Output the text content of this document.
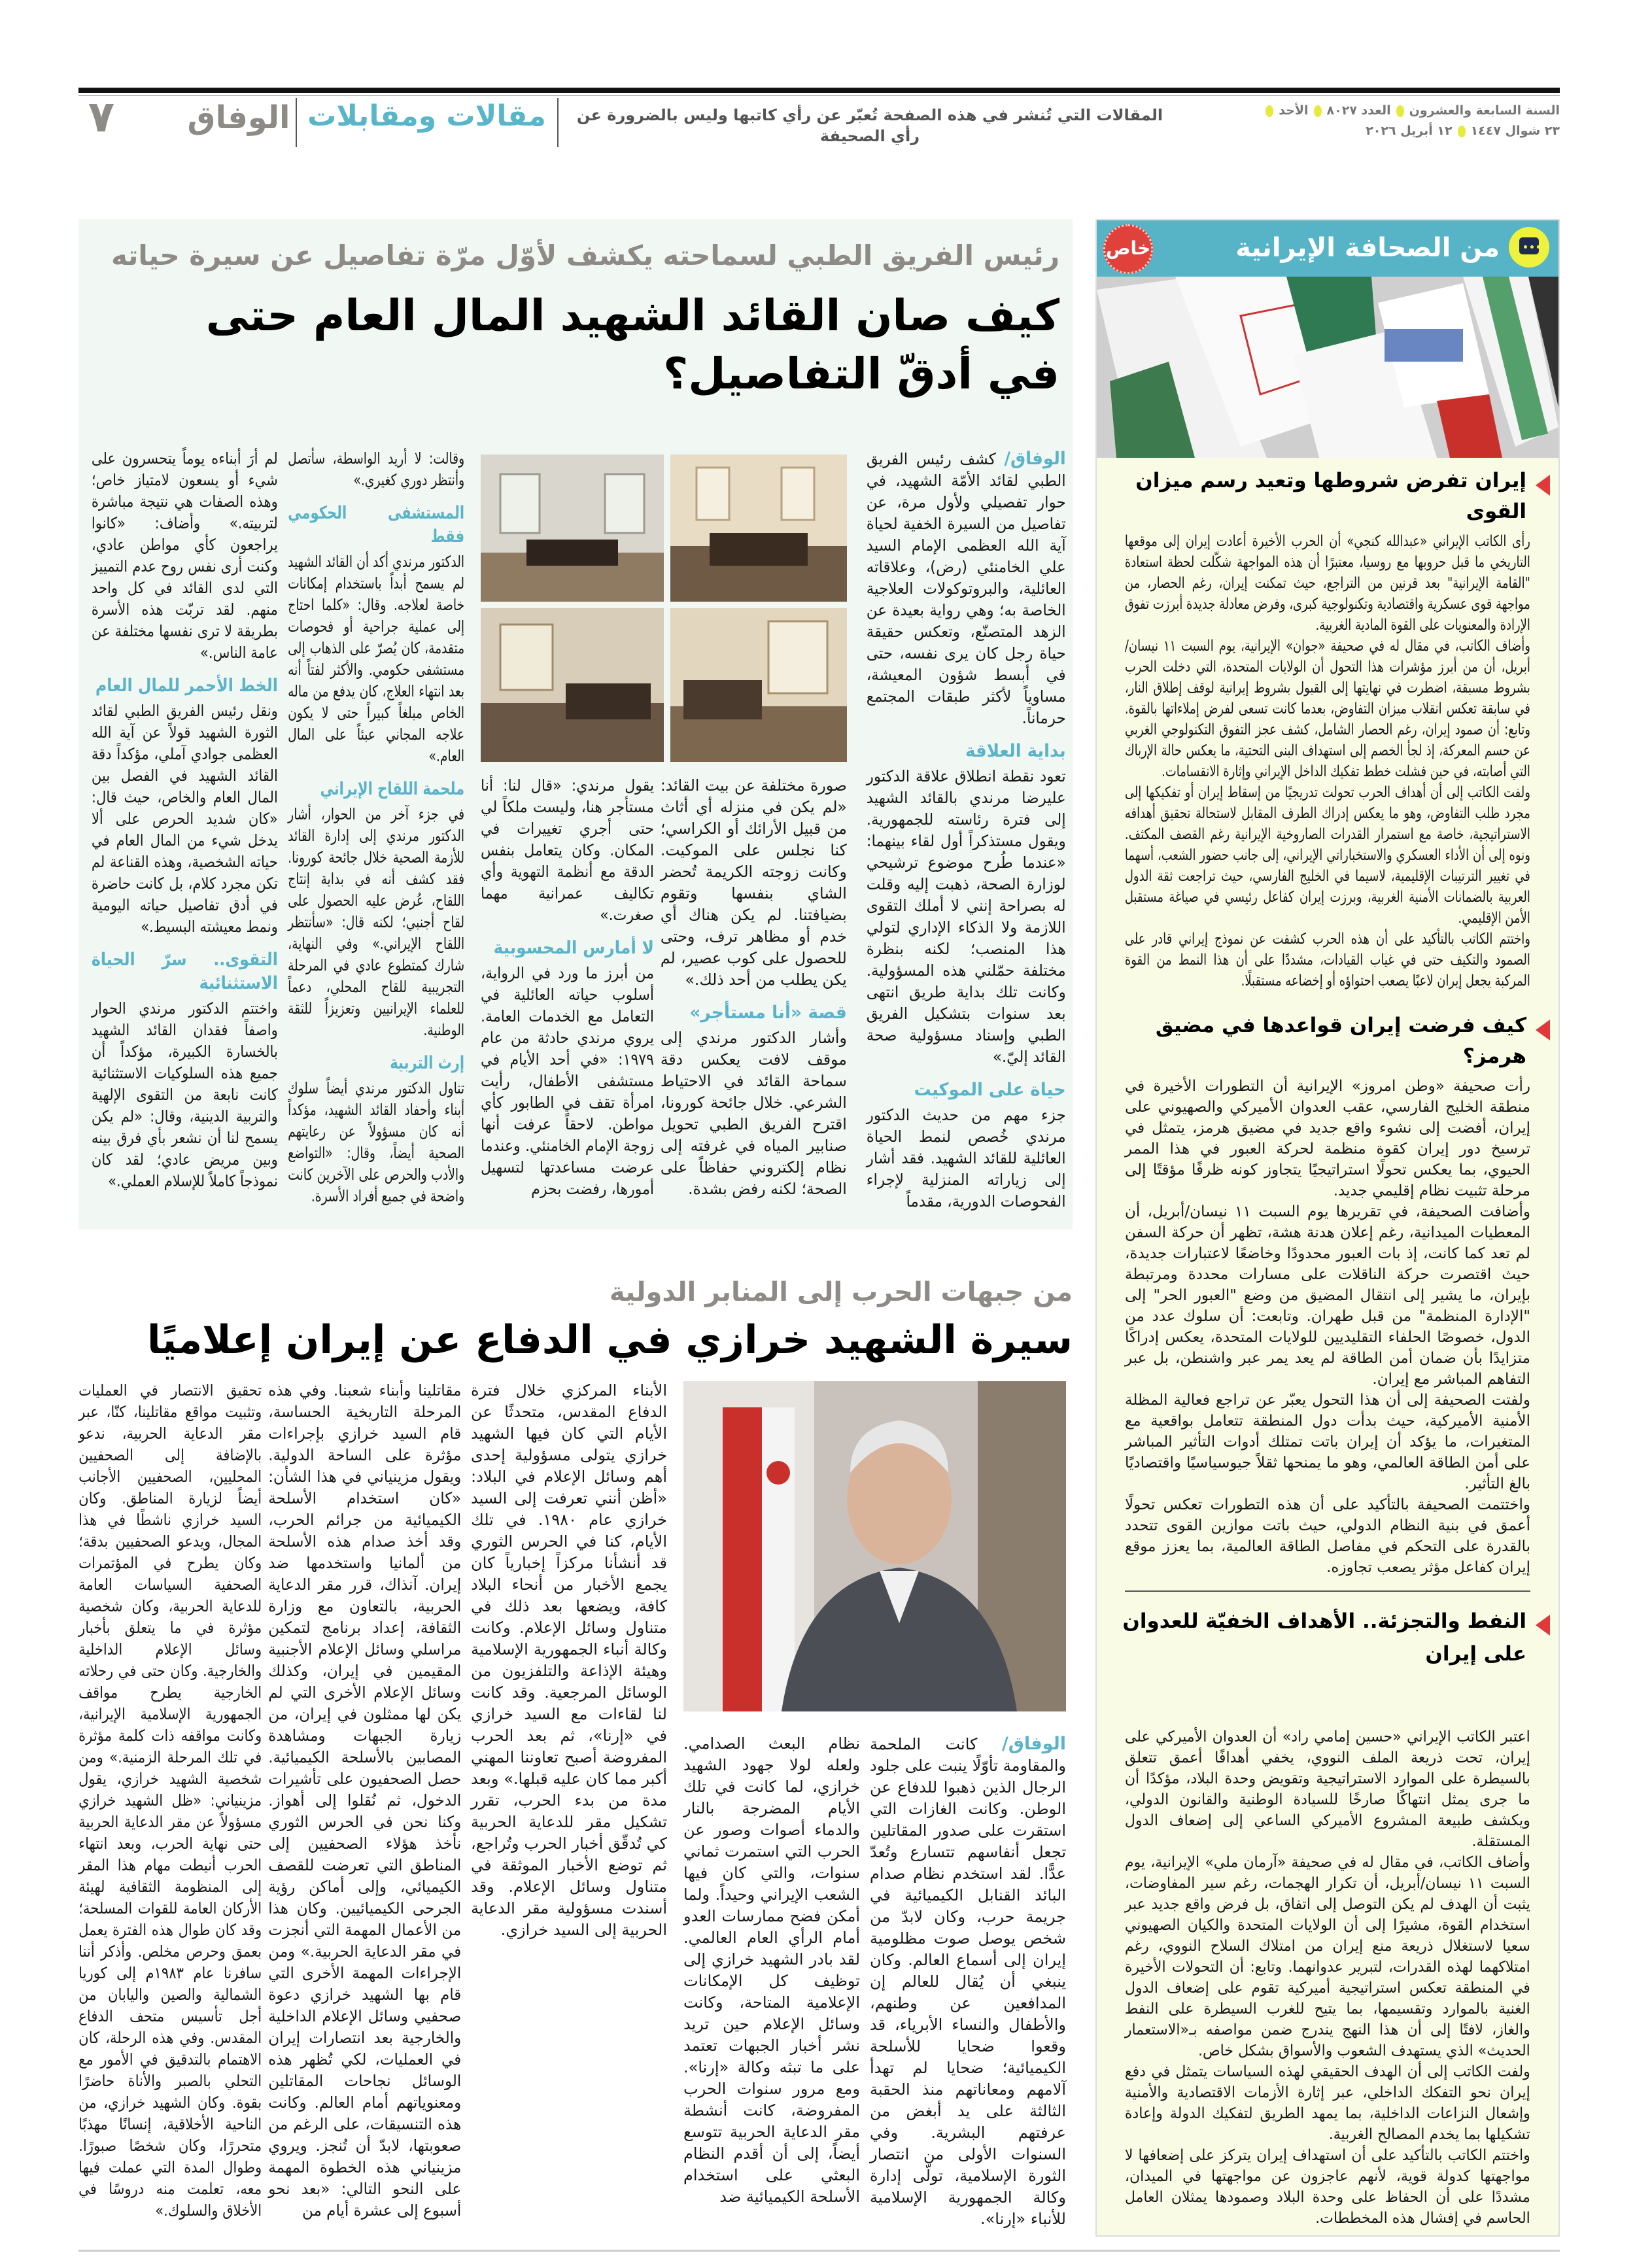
السنة السابعة والعشرون
العدد ٨٠٢٧
الأحد
٢٣ شوال ١٤٤٧
١٢ أبريل ٢٠٢٦
المقالات التي تُنشر في هذه الصفحة تُعبّر عن رأي كاتبها وليس بالضرورة عن رأي الصحيفة
مقالات ومقابلات
الوفاق
٧
رئيس الفريق الطبي لسماحته يكشف لأوّل مرّة تفاصيل عن سيرة حياته
كيف صان القائد الشهيد المال العام حتى
في أدقّ التفاصيل؟

الوفاق/ كشف رئيس الفريق الطبي لقائد الأمّة الشهيد، في حوار تفصيلي ولأول مرة، عن تفاصيل من السيرة الخفية لحياة آية الله العظمى الإمام السيد علي الخامنئي (رض)، وعلاقاته العائلية، والبروتوكولات العلاجية الخاصة به؛ وهي رواية بعيدة عن الزهد المتصنّع، وتعكس حقيقة حياة رجل كان يرى نفسه، حتى في أبسط شؤون المعيشة، مساوياً لأكثر طبقات المجتمع حرماناً.

بداية العلاقة

تعود نقطة انطلاق علاقة الدكتور عليرضا مرندي بالقائد الشهيد إلى فترة رئاسته للجمهورية. ويقول مستذكراً أول لقاء بينهما: «عندما طُرح موضوع ترشيحي لوزارة الصحة، ذهبت إليه وقلت له بصراحة إنني لا أملك التقوى اللازمة ولا الذكاء الإداري لتولي هذا المنصب؛ لكنه بنظرة مختلفة حمّلني هذه المسؤولية. وكانت تلك بداية طريق انتهى بعد سنوات بتشكيل الفريق الطبي وإسناد مسؤولية صحة القائد إليّ.»

حياة على الموكيت

جزء مهم من حديث الدكتور مرندي خُصص لنمط الحياة العائلية للقائد الشهيد. فقد أشار إلى زياراته المنزلية لإجراء الفحوصات الدورية، مقدماً

صورة مختلفة عن بيت القائد: «لم يكن في منزله أي أثاث من قبيل الأرائك أو الكراسي؛ كنا نجلس على الموكيت. وكانت زوجته الكريمة تُحضر الشاي بنفسها وتقوم بضيافتنا. لم يكن هناك أي خدم أو مظاهر ترف، وحتى للحصول على كوب عصير، لم يكن يطلب من أحد ذلك.»

قصة «أنا مستأجر»

وأشار الدكتور مرندي إلى موقف لافت يعكس دقة سماحة القائد في الاحتياط الشرعي. خلال جائحة كورونا، اقترح الفريق الطبي تحويل صنابير المياه في غرفته إلى نظام إلكتروني حفاظاً على الصحة؛ لكنه رفض بشدة.

يقول مرندي: «قال لنا: أنا مستأجر هنا، وليست ملكاً لي حتى أجري تغييرات في المكان. وكان يتعامل بنفس الدقة مع أنظمة التهوية وأي تكاليف عمرانية مهما صغرت.»

لا أمارس المحسوبية

من أبرز ما ورد في الرواية، أسلوب حياته العائلية في التعامل مع الخدمات العامة. يروي مرندي حادثة من عام ١٩٧٩: «في أحد الأيام في مستشفى الأطفال، رأيت امرأة تقف في الطابور كأي مواطن. لاحقاً عرفت أنها زوجة الإمام الخامنئي. وعندما عرضت مساعدتها لتسهيل أمورها، رفضت بحزم

وقالت: لا أريد الواسطة، سأتصل وأنتظر دوري كغيري.»

المستشفى الحكومي فقط

الدكتور مرندي أكد أن القائد الشهيد لم يسمح أبداً باستخدام إمكانات خاصة لعلاجه. وقال: «كلما احتاج إلى عملية جراحية أو فحوصات متقدمة، كان يُصرّ على الذهاب إلى مستشفى حكومي. والأكثر لفتاً أنه بعد انتهاء العلاج، كان يدفع من ماله الخاص مبلغاً كبيراً حتى لا يكون علاجه المجاني عبئاً على المال العام.»

ملحمة اللقاح الإيراني

في جزء آخر من الحوار، أشار الدكتور مرندي إلى إدارة القائد للأزمة الصحية خلال جائحة كورونا. فقد كشف أنه في بداية إنتاج اللقاح، عُرض عليه الحصول على لقاح أجنبي؛ لكنه قال: «سأنتظر اللقاح الإيراني.» وفي النهاية، شارك كمتطوع عادي في المرحلة التجريبية للقاح المحلي، دعماً للعلماء الإيرانيين وتعزيزاً للثقة الوطنية.

إرث التربية

تناول الدكتور مرندي أيضاً سلوك أبناء وأحفاد القائد الشهيد، مؤكداً أنه كان مسؤولاً عن رعايتهم الصحية أيضاً، وقال: «التواضع والأدب والحرص على الآخرين كانت واضحة في جميع أفراد الأسرة.

لم أرَ أبناءه يوماً يتحسرون على شيء أو يسعون لامتياز خاص؛ وهذه الصفات هي نتيجة مباشرة لتربيته.» وأضاف: «كانوا يراجعون كأي مواطن عادي، وكنت أرى نفس روح عدم التمييز التي لدى القائد في كل واحد منهم. لقد تربّت هذه الأسرة بطريقة لا ترى نفسها مختلفة عن عامة الناس.»

الخط الأحمر للمال العام

ونقل رئيس الفريق الطبي لقائد الثورة الشهيد قولاً عن آية الله العظمى جوادي آملي، مؤكداً دقة القائد الشهيد في الفصل بين المال العام والخاص، حيث قال: «كان شديد الحرص على ألا يدخل شيء من المال العام في حياته الشخصية، وهذه القناعة لم تكن مجرد كلام، بل كانت حاضرة في أدق تفاصيل حياته اليومية ونمط معيشته البسيط.»

التقوى.. سرّ الحياة الاستثنائية

واختتم الدكتور مرندي الحوار واصفاً فقدان القائد الشهيد بالخسارة الكبيرة، مؤكداً أن جميع هذه السلوكيات الاستثنائية كانت نابعة من التقوى الإلهية والتربية الدينية، وقال: «لم يكن يسمح لنا أن نشعر بأي فرق بينه وبين مريض عادي؛ لقد كان نموذجاً كاملاً للإسلام العملي.»

من جبهات الحرب إلى المنابر الدولية
سيرة الشهيد خرازي في الدفاع عن إيران إعلاميًا

الوفاق/ كانت الملحمة والمقاومة تأوّلًا ينبت على جلود الرجال الذين ذهبوا للدفاع عن الوطن. وكانت الغازات التي استقرت على صدور المقاتلين تجعل أنفاسهم تتسارع وتُعدّ عدًّا. لقد استخدم نظام صدام البائد القنابل الكيميائية في جريمة حرب، وكان لابدّ من شخص يوصل صوت مظلومية إيران إلى أسماع العالم. وكان ينبغي أن يُقال للعالم إن المدافعين عن وطنهم، والأطفال والنساء الأبرياء، قد وقعوا ضحايا للأسلحة الكيميائية؛ ضحايا لم تهدأ آلامهم ومعاناتهم منذ الحقبة الثالثة على يد أبغض من عرفتهم البشرية. وفي السنوات الأولى من انتصار الثورة الإسلامية، تولّى إدارة وكالة الجمهورية الإسلامية للأنباء «إرنا».

نظام البعث الصدامي. ولعله لولا جهود الشهيد خرازي، لما كانت في تلك الأيام المضرجة بالنار والدماء أصوات وصور عن الحرب التي استمرت ثماني سنوات، والتي كان فيها الشعب الإيراني وحيداً. ولما أمكن فضح ممارسات العدو أمام الرأي العام العالمي. لقد بادر الشهيد خرازي إلى توظيف كل الإمكانات الإعلامية المتاحة، وكانت وسائل الإعلام حين تريد نشر أخبار الجبهات تعتمد على ما تبثه وكالة «إرنا». ومع مرور سنوات الحرب المفروضة، كانت أنشطة مقر الدعاية الحربية تتوسع أيضاً، إلى أن أقدم النظام البعثي على استخدام الأسلحة الكيميائية ضد

الأبناء المركزي خلال فترة الدفاع المقدس، متحدثًا عن الأيام التي كان فيها الشهيد خرازي يتولى مسؤولية إحدى أهم وسائل الإعلام في البلاد: «أظن أنني تعرفت إلى السيد خرازي عام ١٩٨٠. في تلك الأيام، كنا في الحرس الثوري قد أنشأنا مركزاً إخبارياً كان يجمع الأخبار من أنحاء البلاد كافة، ويضعها بعد ذلك في متناول وسائل الإعلام. وكانت وكالة أنباء الجمهورية الإسلامية وهيئة الإذاعة والتلفزيون من الوسائل المرجعية. وقد كانت لنا لقاءات مع السيد خرازي في «إرنا»، ثم بعد الحرب المفروضة أصبح تعاوننا المهني أكبر مما كان عليه قبلها.» وبعد مدة من بدء الحرب، تقرر تشكيل مقر للدعاية الحربية كي تُدقّق أخبار الحرب وتُراجع، ثم توضع الأخبار الموثقة في متناول وسائل الإعلام. وقد أسندت مسؤولية مقر الدعاية الحربية إلى السيد خرازي.

مقاتلينا وأبناء شعبنا. وفي هذه المرحلة التاريخية الحساسة، قام السيد خرازي بإجراءات مؤثرة على الساحة الدولية. ويقول مزينياني في هذا الشأن: «كان استخدام الأسلحة الكيميائية من جرائم الحرب، وقد أخذ صدام هذه الأسلحة من ألمانيا واستخدمها ضد إيران. آنذاك، قرر مقر الدعاية الحربية، بالتعاون مع وزارة الثقافة، إعداد برنامج لتمكين مراسلي وسائل الإعلام الأجنبية المقيمين في إيران، وكذلك وسائل الإعلام الأخرى التي لم يكن لها ممثلون في إيران، من زيارة الجبهات ومشاهدة المصابين بالأسلحة الكيميائية. حصل الصحفيون على تأشيرات الدخول، ثم نُقلوا إلى أهواز. وكنا نحن في الحرس الثوري نأخذ هؤلاء الصحفيين إلى المناطق التي تعرضت للقصف الكيميائي، وإلى أماكن رؤية الجرحى الكيميائيين. وكان هذا من الأعمال المهمة التي أنجزت في مقر الدعاية الحربية.» ومن الإجراءات المهمة الأخرى التي قام بها الشهيد خرازي دعوة صحفيي وسائل الإعلام الداخلية والخارجية بعد انتصارات إيران في العمليات، لكي تُظهر هذه الوسائل نجاحات المقاتلين ومعنوياتهم أمام العالم. وكانت هذه التنسيقات، على الرغم من صعوبتها، لابدّ أن تُنجز. ويروي مزينياني هذه الخطوة المهمة على النحو التالي: «بعد نحو أسبوع إلى عشرة أيام من

تحقيق الانتصار في العمليات وتثبيت مواقع مقاتلينا، كنّا، عبر مقر الدعاية الحربية، ندعو بالإضافة إلى الصحفيين المحليين، الصحفيين الأجانب أيضاً لزيارة المناطق. وكان السيد خرازي ناشطًا في هذا المجال، ويدعو الصحفيين بدقة؛ وكان يطرح في المؤتمرات الصحفية السياسات العامة للدعاية الحربية، وكان شخصية مؤثرة في ما يتعلق بأخبار وسائل الإعلام الداخلية والخارجية. وكان حتى في رحلاته الخارجية يطرح مواقف الجمهورية الإسلامية الإيرانية، وكانت مواقفه ذات كلمة مؤثرة في تلك المرحلة الزمنية.» ومن شخصية الشهيد خرازي، يقول مزينياني: «ظل الشهيد خرازي مسؤولاً عن مقر الدعاية الحربية حتى نهاية الحرب، وبعد انتهاء الحرب أنيطت مهام هذا المقر إلى المنظومة الثقافية لهيئة الأركان العامة للقوات المسلحة؛ وقد كان طوال هذه الفترة يعمل بعمق وحرص مخلص. وأذكر أننا سافرنا عام ١٩٨٣م إلى كوريا الشمالية والصين واليابان من أجل تأسيس متحف الدفاع المقدس. وفي هذه الرحلة، كان الاهتمام بالتدقيق في الأمور مع التحلي بالصبر والأناة حاضرًا بقوة. وكان الشهيد خرازي، من الناحية الأخلاقية، إنسانًا مهذبًا متحررًا، وكان شخصًا صبورًا. وطوال المدة التي عملت فيها معه، تعلمت منه دروسًا في الأخلاق والسلوك.»

•••
من الصحافة الإيرانية
خاص
إيران تفرض شروطها وتعيد رسم ميزان القوى

رأى الكاتب الإيراني «عبدالله كنجي» أن الحرب الأخيرة أعادت إيران إلى موقعها التاريخي ما قبل حروبها مع روسيا، معتبرًا أن هذه المواجهة شكّلت لحظة استعادة "القامة الإيرانية" بعد قرنين من التراجع، حيث تمكنت إيران، رغم الحصار، من مواجهة قوى عسكرية واقتصادية وتكنولوجية كبرى، وفرض معادلة جديدة أبرزت تفوق الإرادة والمعنويات على القوة المادية الغربية.

وأضاف الكاتب، في مقال له في صحيفة «جوان» الإيرانية، يوم السبت ١١ نيسان/أبريل، أن من أبرز مؤشرات هذا التحول أن الولايات المتحدة، التي دخلت الحرب بشروط مسبقة، اضطرت في نهايتها إلى القبول بشروط إيرانية لوقف إطلاق النار، في سابقة تعكس انقلاب ميزان التفاوض، بعدما كانت تسعى لفرض إملاءاتها بالقوة. وتابع: أن صمود إيران، رغم الحصار الشامل، كشف عجز التفوق التكنولوجي الغربي عن حسم المعركة، إذ لجأ الخصم إلى استهداف البنى التحتية، ما يعكس حالة الإرباك التي أصابته، في حين فشلت خطط تفكيك الداخل الإيراني وإثارة الانقسامات.

ولفت الكاتب إلى أن أهداف الحرب تحولت تدريجيًا من إسقاط إيران أو تفكيكها إلى مجرد طلب التفاوض، وهو ما يعكس إدراك الطرف المقابل لاستحالة تحقيق أهدافه الاستراتيجية، خاصة مع استمرار القدرات الصاروخية الإيرانية رغم القصف المكثف. ونوه إلى أن الأداء العسكري والاستخباراتي الإيراني، إلى جانب حضور الشعب، أسهما في تغيير الترتيبات الإقليمية، لاسيما في الخليج الفارسي، حيث تراجعت ثقة الدول العربية بالضمانات الأمنية الغربية، وبرزت إيران كفاعل رئيسي في صياغة مستقبل الأمن الإقليمي.

واختتم الكاتب بالتأكيد على أن هذه الحرب كشفت عن نموذج إيراني قادر على الصمود والتكيف حتى في غياب القيادات، مشددًا على أن هذا النمط من القوة المركبة يجعل إيران لاعبًا يصعب احتواؤه أو إخضاعه مستقبلًا.

كيف فرضت إيران قواعدها في مضيق هرمز؟

رأت صحيفة «وطن امروز» الإيرانية أن التطورات الأخيرة في منطقة الخليج الفارسي، عقب العدوان الأميركي والصهيوني على إيران، أفضت إلى نشوء واقع جديد في مضيق هرمز، يتمثل في ترسيخ دور إيران كقوة منظمة لحركة العبور في هذا الممر الحيوي، بما يعكس تحولًا استراتيجيًا يتجاوز كونه ظرفًا مؤقتًا إلى مرحلة تثبيت نظام إقليمي جديد.

وأضافت الصحيفة، في تقريرها يوم السبت ١١ نيسان/أبريل، أن المعطيات الميدانية، رغم إعلان هدنة هشة، تظهر أن حركة السفن لم تعد كما كانت، إذ بات العبور محدودًا وخاضعًا لاعتبارات جديدة، حيث اقتصرت حركة الناقلات على مسارات محددة ومرتبطة بإيران، ما يشير إلى انتقال المضيق من وضع "العبور الحر" إلى "الإدارة المنظمة" من قبل طهران. وتابعت: أن سلوك عدد من الدول، خصوصًا الحلفاء التقليديين للولايات المتحدة، يعكس إدراكًا متزايدًا بأن ضمان أمن الطاقة لم يعد يمر عبر واشنطن، بل عبر التفاهم المباشر مع إيران.

ولفتت الصحيفة إلى أن هذا التحول يعبّر عن تراجع فعالية المظلة الأمنية الأميركية، حيث بدأت دول المنطقة تتعامل بواقعية مع المتغيرات، ما يؤكد أن إيران باتت تمتلك أدوات التأثير المباشر على أمن الطاقة العالمي، وهو ما يمنحها ثقلاً جيوسياسيًا واقتصاديًا بالغ التأثير.

واختتمت الصحيفة بالتأكيد على أن هذه التطورات تعكس تحولًا أعمق في بنية النظام الدولي، حيث باتت موازين القوى تتحدد بالقدرة على التحكم في مفاصل الطاقة العالمية، بما يعزز موقع إيران كفاعل مؤثر يصعب تجاوزه.

النفط والتجزئة.. الأهداف الخفيّة للعدوان على إيران

اعتبر الكاتب الإيراني «حسين إمامي راد» أن العدوان الأميركي على إيران، تحت ذريعة الملف النووي، يخفي أهدافًا أعمق تتعلق بالسيطرة على الموارد الاستراتيجية وتقويض وحدة البلاد، مؤكدًا أن ما جرى يمثل انتهاكًا صارخًا للسيادة الوطنية والقانون الدولي، ويكشف طبيعة المشروع الأميركي الساعي إلى إضعاف الدول المستقلة.

وأضاف الكاتب، في مقال له في صحيفة «آرمان ملي» الإيرانية، يوم السبت ١١ نيسان/أبريل، أن تكرار الهجمات، رغم سير المفاوضات، يثبت أن الهدف لم يكن التوصل إلى اتفاق، بل فرض واقع جديد عبر استخدام القوة، مشيرًا إلى أن الولايات المتحدة والكيان الصهيوني سعيا لاستغلال ذريعة منع إيران من امتلاك السلاح النووي، رغم امتلاكهما لهذه القدرات، لتبرير عدوانهما. وتابع: أن التحولات الأخيرة في المنطقة تعكس استراتيجية أميركية تقوم على إضعاف الدول الغنية بالموارد وتقسيمها، بما يتيح للغرب السيطرة على النفط والغاز، لافتًا إلى أن هذا النهج يندرج ضمن مواصفه بـ«الاستعمار الحديث» الذي يستهدف الشعوب والأسواق بشكل خاص.

ولفت الكاتب إلى أن الهدف الحقيقي لهذه السياسات يتمثل في دفع إيران نحو التفكك الداخلي، عبر إثارة الأزمات الاقتصادية والأمنية وإشعال النزاعات الداخلية، بما يمهد الطريق لتفكيك الدولة وإعادة تشكيلها بما يخدم المصالح الغربية.

واختتم الكاتب بالتأكيد على أن استهداف إيران يتركز على إضعافها لا مواجهتها كدولة قوية، لأنهم عاجزون عن مواجهتها في الميدان، مشددًا على أن الحفاظ على وحدة البلاد وصمودها يمثلان العامل الحاسم في إفشال هذه المخططات.
